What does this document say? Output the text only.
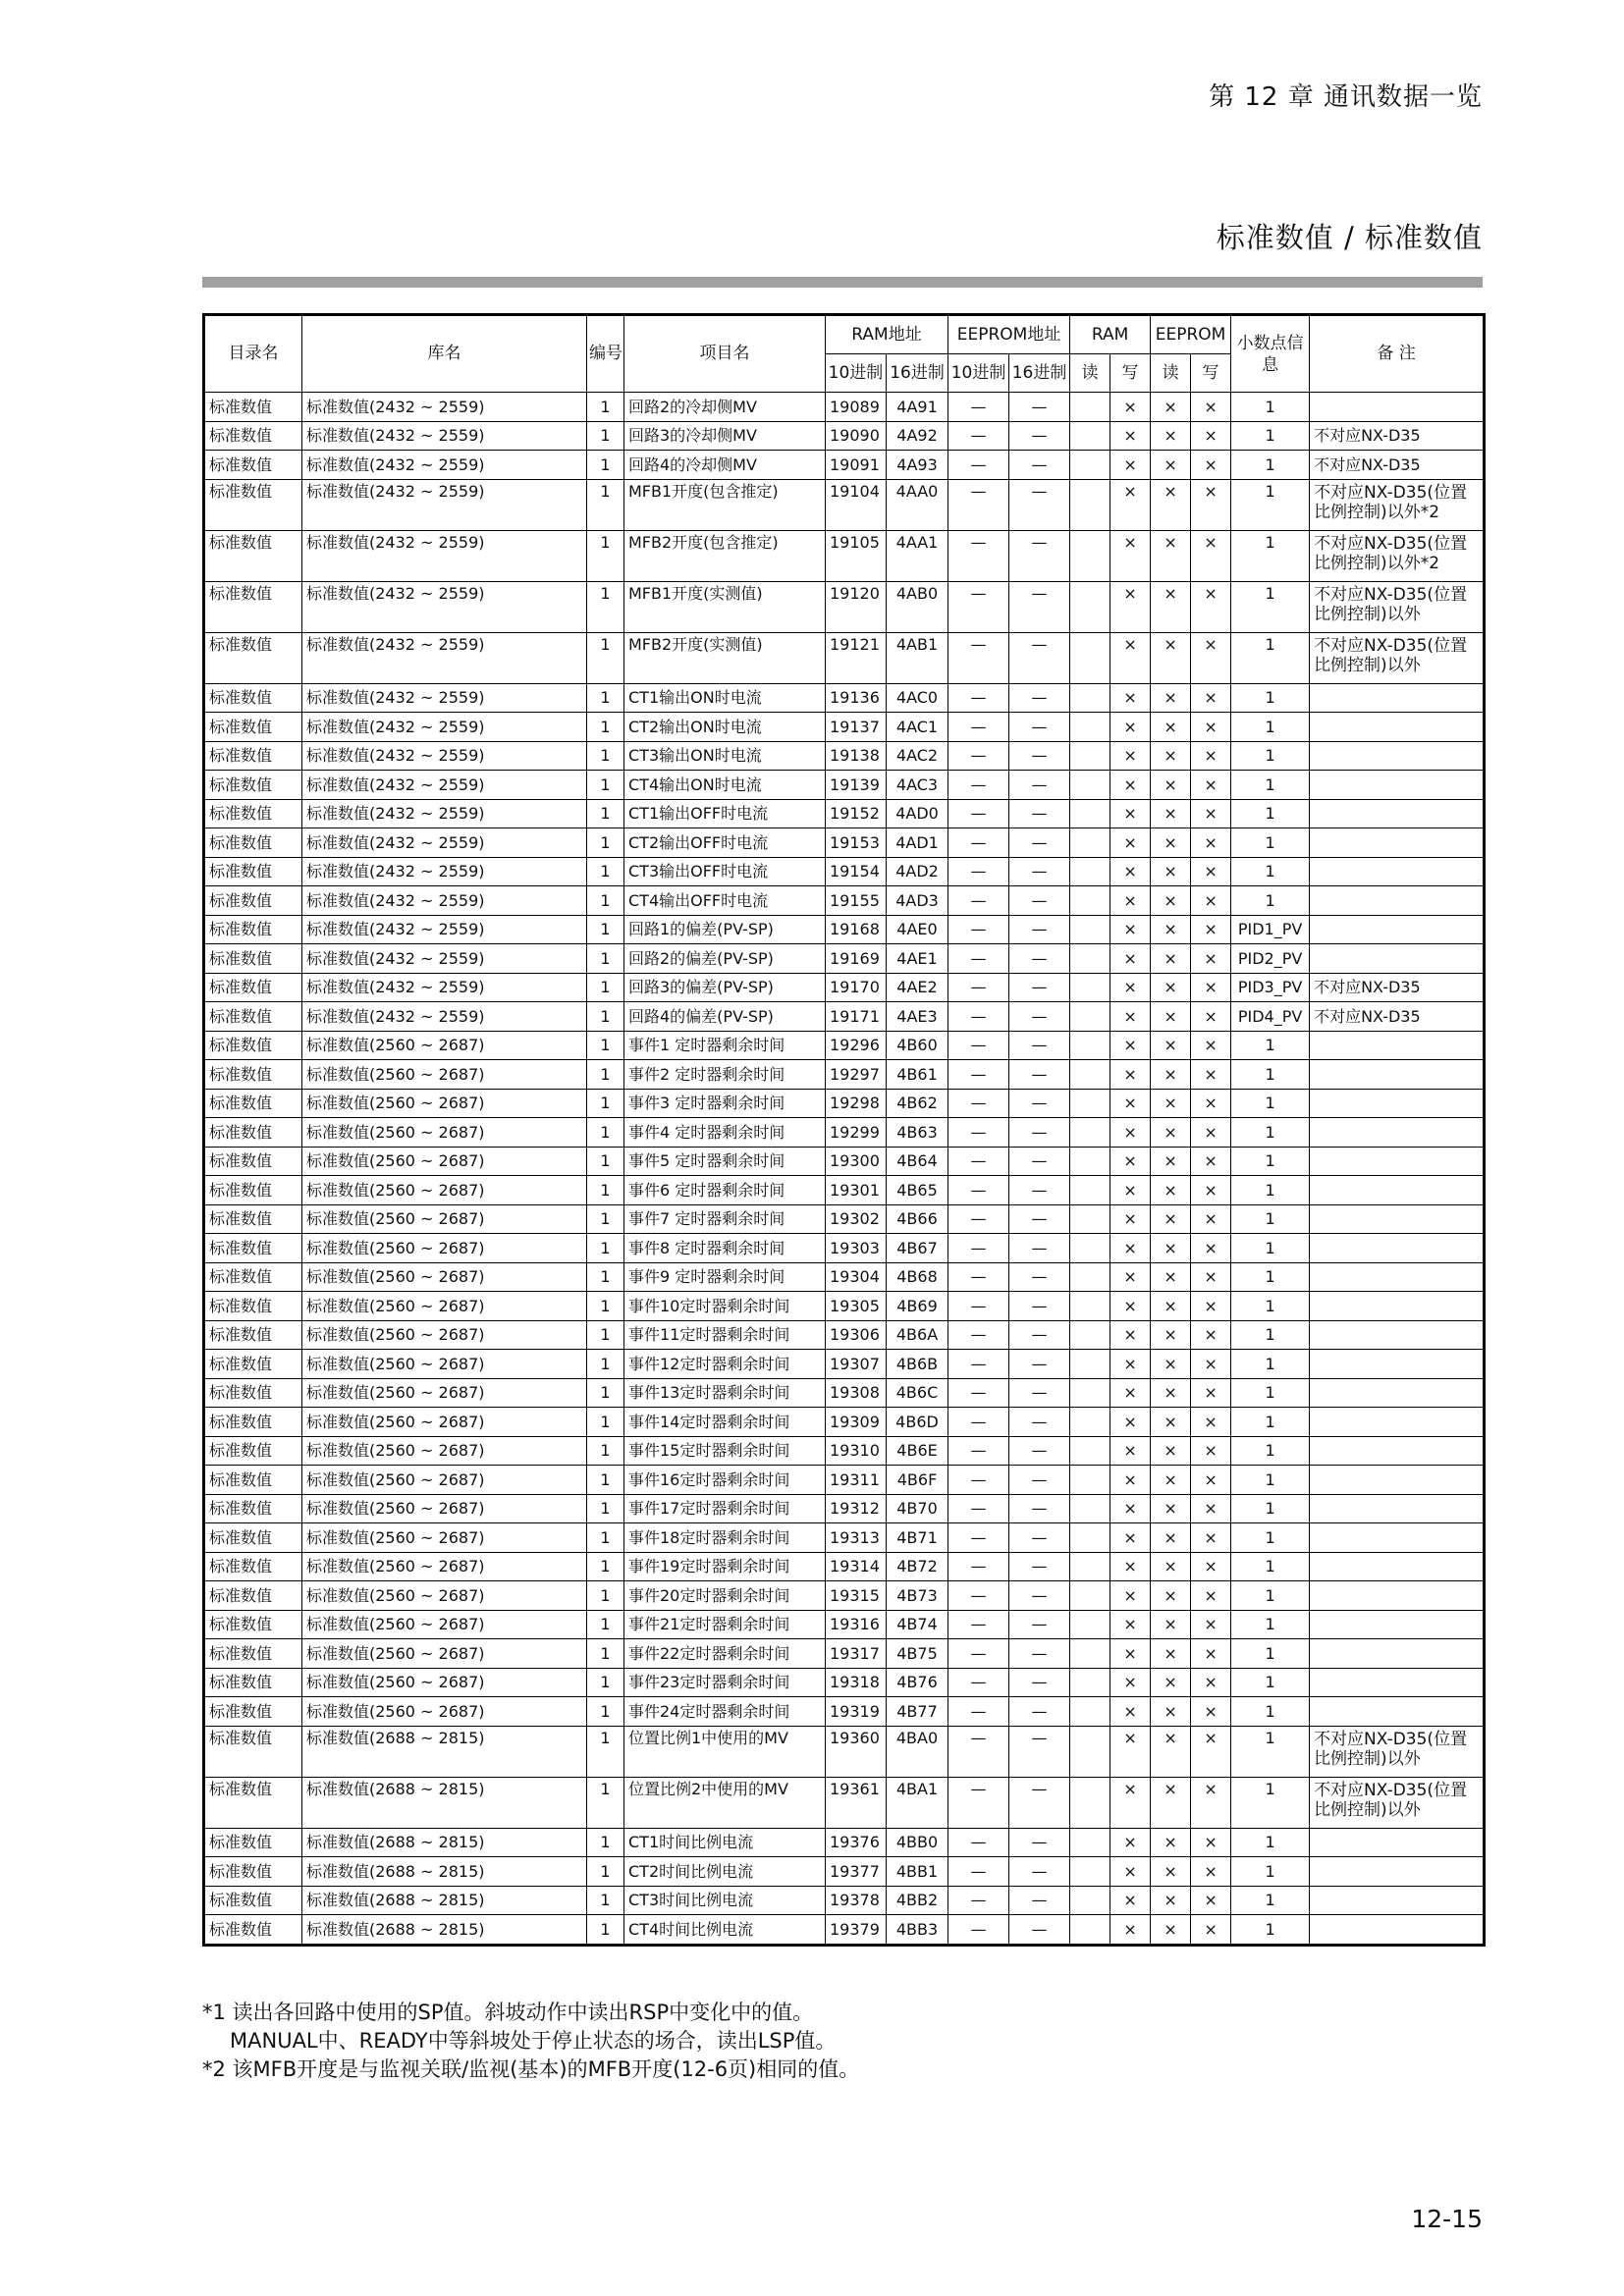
第 12 章 通讯数据一览
标准数值 / 标准数值
目录名	库名	编号	项目名	RAM地址		EEPROM地址		RAM		EEPROM		小数点信息	备 注
				10进制	16进制	10进制	16进制	读	写	读	写		
标准数值	标准数值(2432 ~ 2559)	1	回路2的冷却侧MV	19089	4A91	—	—		×	×	×	1	
标准数值	标准数值(2432 ~ 2559)	1	回路3的冷却侧MV	19090	4A92	—	—		×	×	×	1	不对应NX-D35
标准数值	标准数值(2432 ~ 2559)	1	回路4的冷却侧MV	19091	4A93	—	—		×	×	×	1	不对应NX-D35
标准数值	标准数值(2432 ~ 2559)	1	MFB1开度(包含推定)	19104	4AA0	—	—		×	×	×	1	不对应NX-D35(位置比例控制)以外*2
标准数值	标准数值(2432 ~ 2559)	1	MFB2开度(包含推定)	19105	4AA1	—	—		×	×	×	1	不对应NX-D35(位置比例控制)以外*2
标准数值	标准数值(2432 ~ 2559)	1	MFB1开度(实测值)	19120	4AB0	—	—		×	×	×	1	不对应NX-D35(位置比例控制)以外
标准数值	标准数值(2432 ~ 2559)	1	MFB2开度(实测值)	19121	4AB1	—	—		×	×	×	1	不对应NX-D35(位置比例控制)以外
标准数值	标准数值(2432 ~ 2559)	1	CT1输出ON时电流	19136	4AC0	—	—		×	×	×	1	
标准数值	标准数值(2432 ~ 2559)	1	CT2输出ON时电流	19137	4AC1	—	—		×	×	×	1	
标准数值	标准数值(2432 ~ 2559)	1	CT3输出ON时电流	19138	4AC2	—	—		×	×	×	1	
标准数值	标准数值(2432 ~ 2559)	1	CT4输出ON时电流	19139	4AC3	—	—		×	×	×	1	
标准数值	标准数值(2432 ~ 2559)	1	CT1输出OFF时电流	19152	4AD0	—	—		×	×	×	1	
标准数值	标准数值(2432 ~ 2559)	1	CT2输出OFF时电流	19153	4AD1	—	—		×	×	×	1	
标准数值	标准数值(2432 ~ 2559)	1	CT3输出OFF时电流	19154	4AD2	—	—		×	×	×	1	
标准数值	标准数值(2432 ~ 2559)	1	CT4输出OFF时电流	19155	4AD3	—	—		×	×	×	1	
标准数值	标准数值(2432 ~ 2559)	1	回路1的偏差(PV-SP)	19168	4AE0	—	—		×	×	×	PID1_PV	
标准数值	标准数值(2432 ~ 2559)	1	回路2的偏差(PV-SP)	19169	4AE1	—	—		×	×	×	PID2_PV	
标准数值	标准数值(2432 ~ 2559)	1	回路3的偏差(PV-SP)	19170	4AE2	—	—		×	×	×	PID3_PV	不对应NX-D35
标准数值	标准数值(2432 ~ 2559)	1	回路4的偏差(PV-SP)	19171	4AE3	—	—		×	×	×	PID4_PV	不对应NX-D35
标准数值	标准数值(2560 ~ 2687)	1	事件1 定时器剩余时间	19296	4B60	—	—		×	×	×	1	
标准数值	标准数值(2560 ~ 2687)	1	事件2 定时器剩余时间	19297	4B61	—	—		×	×	×	1	
标准数值	标准数值(2560 ~ 2687)	1	事件3 定时器剩余时间	19298	4B62	—	—		×	×	×	1	
标准数值	标准数值(2560 ~ 2687)	1	事件4 定时器剩余时间	19299	4B63	—	—		×	×	×	1	
标准数值	标准数值(2560 ~ 2687)	1	事件5 定时器剩余时间	19300	4B64	—	—		×	×	×	1	
标准数值	标准数值(2560 ~ 2687)	1	事件6 定时器剩余时间	19301	4B65	—	—		×	×	×	1	
标准数值	标准数值(2560 ~ 2687)	1	事件7 定时器剩余时间	19302	4B66	—	—		×	×	×	1	
标准数值	标准数值(2560 ~ 2687)	1	事件8 定时器剩余时间	19303	4B67	—	—		×	×	×	1	
标准数值	标准数值(2560 ~ 2687)	1	事件9 定时器剩余时间	19304	4B68	—	—		×	×	×	1	
标准数值	标准数值(2560 ~ 2687)	1	事件10定时器剩余时间	19305	4B69	—	—		×	×	×	1	
标准数值	标准数值(2560 ~ 2687)	1	事件11定时器剩余时间	19306	4B6A	—	—		×	×	×	1	
标准数值	标准数值(2560 ~ 2687)	1	事件12定时器剩余时间	19307	4B6B	—	—		×	×	×	1	
标准数值	标准数值(2560 ~ 2687)	1	事件13定时器剩余时间	19308	4B6C	—	—		×	×	×	1	
标准数值	标准数值(2560 ~ 2687)	1	事件14定时器剩余时间	19309	4B6D	—	—		×	×	×	1	
标准数值	标准数值(2560 ~ 2687)	1	事件15定时器剩余时间	19310	4B6E	—	—		×	×	×	1	
标准数值	标准数值(2560 ~ 2687)	1	事件16定时器剩余时间	19311	4B6F	—	—		×	×	×	1	
标准数值	标准数值(2560 ~ 2687)	1	事件17定时器剩余时间	19312	4B70	—	—		×	×	×	1	
标准数值	标准数值(2560 ~ 2687)	1	事件18定时器剩余时间	19313	4B71	—	—		×	×	×	1	
标准数值	标准数值(2560 ~ 2687)	1	事件19定时器剩余时间	19314	4B72	—	—		×	×	×	1	
标准数值	标准数值(2560 ~ 2687)	1	事件20定时器剩余时间	19315	4B73	—	—		×	×	×	1	
标准数值	标准数值(2560 ~ 2687)	1	事件21定时器剩余时间	19316	4B74	—	—		×	×	×	1	
标准数值	标准数值(2560 ~ 2687)	1	事件22定时器剩余时间	19317	4B75	—	—		×	×	×	1	
标准数值	标准数值(2560 ~ 2687)	1	事件23定时器剩余时间	19318	4B76	—	—		×	×	×	1	
标准数值	标准数值(2560 ~ 2687)	1	事件24定时器剩余时间	19319	4B77	—	—		×	×	×	1	
标准数值	标准数值(2688 ~ 2815)	1	位置比例1中使用的MV	19360	4BA0	—	—		×	×	×	1	不对应NX-D35(位置比例控制)以外
标准数值	标准数值(2688 ~ 2815)	1	位置比例2中使用的MV	19361	4BA1	—	—		×	×	×	1	不对应NX-D35(位置比例控制)以外
标准数值	标准数值(2688 ~ 2815)	1	CT1时间比例电流	19376	4BB0	—	—		×	×	×	1	
标准数值	标准数值(2688 ~ 2815)	1	CT2时间比例电流	19377	4BB1	—	—		×	×	×	1	
标准数值	标准数值(2688 ~ 2815)	1	CT3时间比例电流	19378	4BB2	—	—		×	×	×	1	
标准数值	标准数值(2688 ~ 2815)	1	CT4时间比例电流	19379	4BB3	—	—		×	×	×	1	
*1 读出各回路中使用的SP值。斜坡动作中读出RSP中变化中的值。
MANUAL中、READY中等斜坡处于停止状态的场合，读出LSP值。
*2 该MFB开度是与监视关联/监视(基本)的MFB开度(12-6页)相同的值。
12-15
